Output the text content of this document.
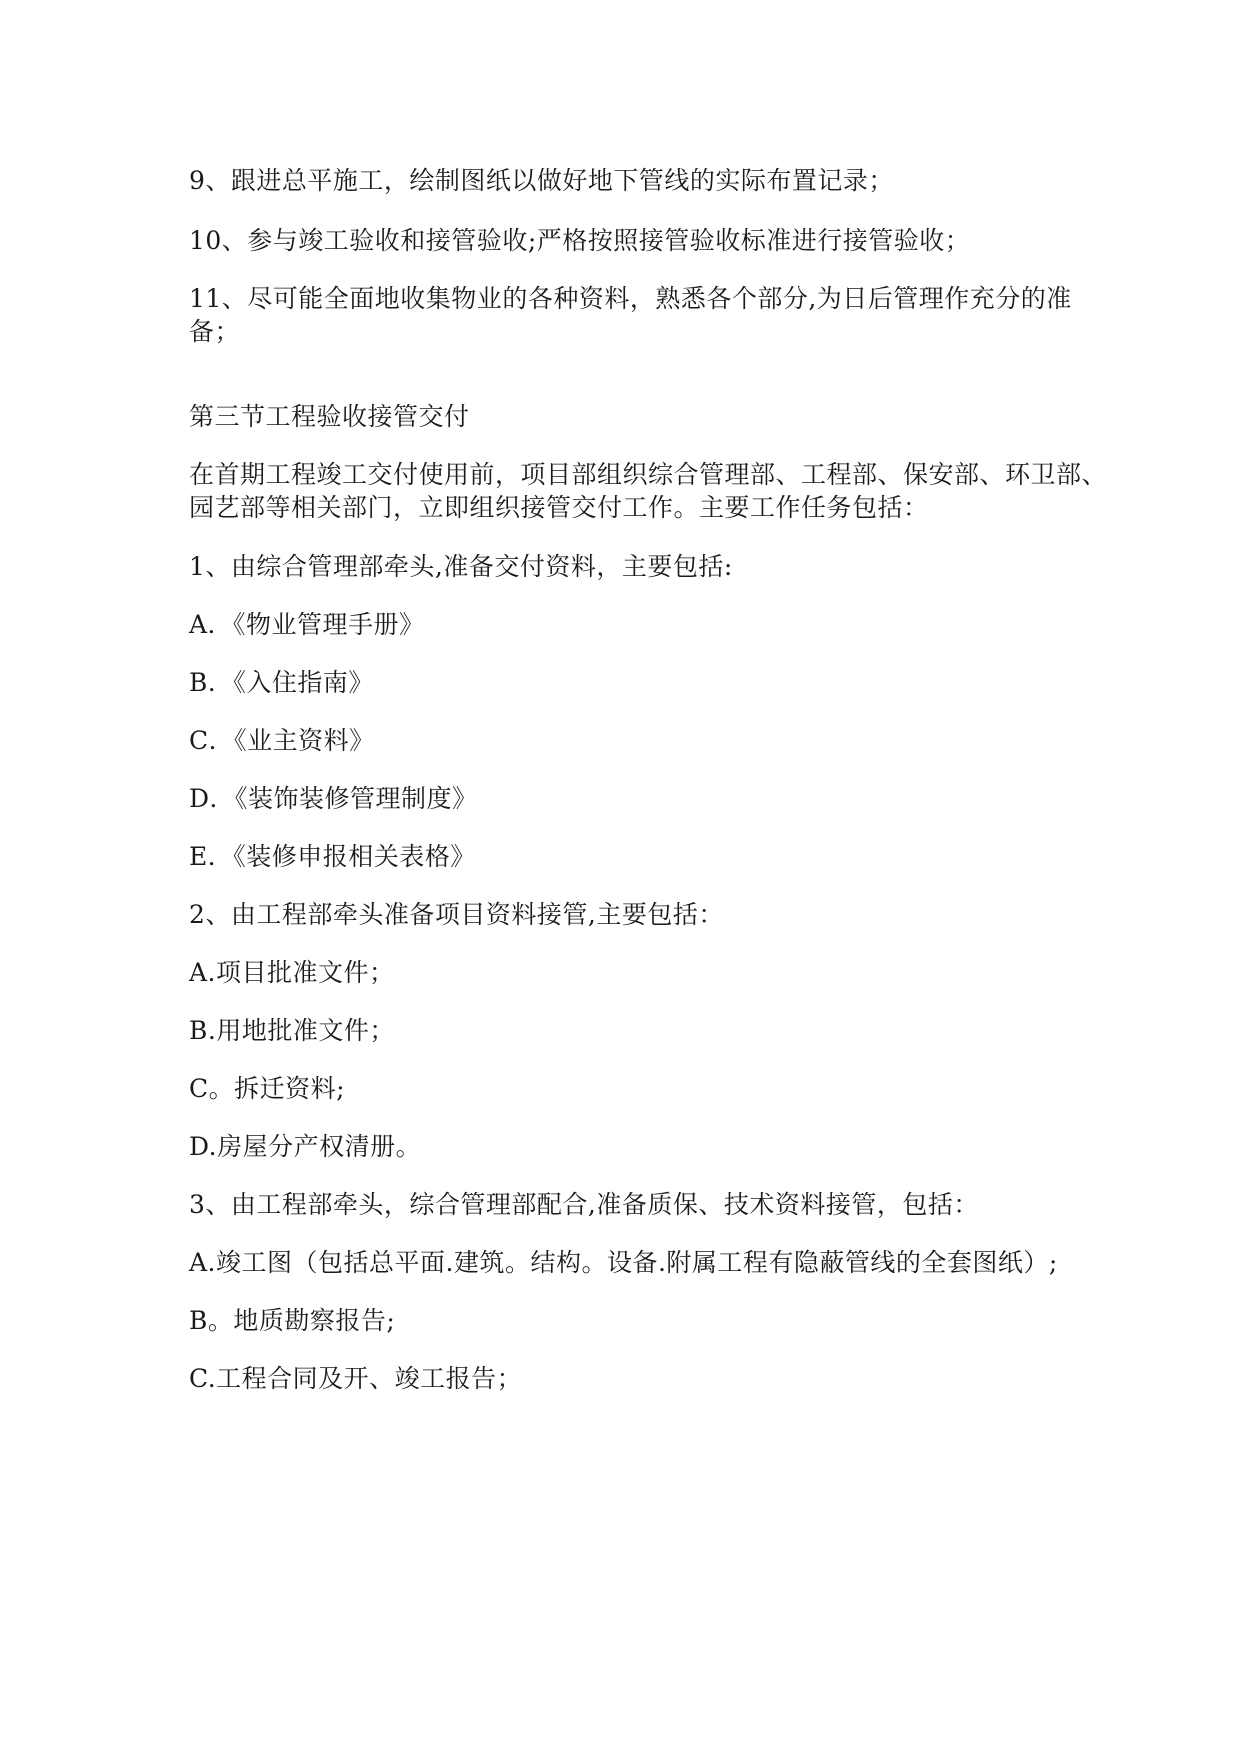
9、跟进总平施工，绘制图纸以做好地下管线的实际布置记录；

10、参与竣工验收和接管验收;严格按照接管验收标准进行接管验收；

11、尽可能全面地收集物业的各种资料，熟悉各个部分,为日后管理作充分的准

备；

第三节工程验收接管交付

在首期工程竣工交付使用前，项目部组织综合管理部、工程部、保安部、环卫部、

园艺部等相关部门，立即组织接管交付工作。主要工作任务包括：

1、由综合管理部牵头,准备交付资料，主要包括:

A．《物业管理手册》

B．《入住指南》

C．《业主资料》

D．《装饰装修管理制度》

E．《装修申报相关表格》

2、由工程部牵头准备项目资料接管,主要包括：

A.项目批准文件；

B.用地批准文件；

C。拆迁资料;

D.房屋分产权清册。

3、由工程部牵头，综合管理部配合,准备质保、技术资料接管，包括：

A.竣工图（包括总平面.建筑。结构。设备.附属工程有隐蔽管线的全套图纸）;

B。地质勘察报告;

C.工程合同及开、竣工报告；
